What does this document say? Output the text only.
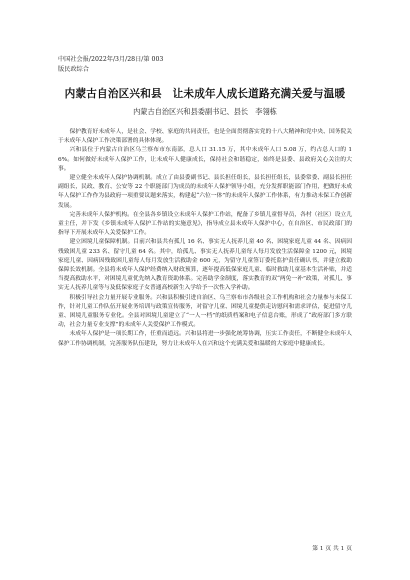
中国社会报/2022年/3月/28日/第 003
版民政综合
内蒙古自治区兴和县　让未成年人成长道路充满关爱与温暖
内蒙古自治区兴和县委副书记、县长　李翎栋

保护教育好未成年人，是社会、学校、家庭的共同责任，也是全面贯彻落实党的十八大精神和党中央、国务院关于未成年人保护工作决策部署的具体体现。

兴和县位于内蒙古自治区乌兰察布市东南部，总人口 31.15 万，其中未成年人口 5.08 万，约占总人口的 16%。如何做好未成年人保护工作，让未成年人健康成长，保持社会和谐稳定，始终是县委、县政府关心关注的大事。

建立健全未成年人保护协调机制。成立了由县委副书记、县长担任组长，县长担任组长，县委常委、副县长担任副组长，民政、教育、公安等 22 个职能部门为成员的未成年人保护领导小组，充分发挥职能部门作用，把做好未成年人保护工作作为县政府一项重要议题来落实，构建起“六位一体”的未成年人保护工作体系，有力推动未保工作创新发展。

完善未成年人保护机构。在全县各乡镇设立未成年人保护工作站，配备了乡镇儿童督导员，各村（社区）设立儿童主任，并下发《乡镇未成年人保护工作站的实施意见》，指导成立县未成年人保护中心，在自治区、市民政部门的指导下开展未成年人关爱保护工作。

建立困境儿童保障机制。目前兴和县共有孤儿 16 名、事实无人抚养儿童 40 名、困境家庭儿童 44 名、因病因残致困儿童 233 名、留守儿童 64 名。其中，给孤儿、事实无人抚养儿童每人每月发放生活保障金 1200 元，困境家庭儿童、因病因残致困儿童每人每月发放生活救助金 600 元，为留守儿童签订委托监护责任确认书，并建立救助保障长效机制。全县将未成年人保护经费纳入财政预算，逐年提高低保家庭儿童、临时救助儿童基本生活补贴，并适当提高救助水平，对困境儿童优先纳入教育资助体系。完善助学金制度，落实教育的双“两免一补”政策，对孤儿、事实无人抚养儿童等与及低保家庭子女普通高校新生入学给予一次性入学补助。

积极引导社会力量开展专业服务。兴和县积极引进自治区、乌兰察布市各级社会工作机构和社会力量参与未保工作，针对儿童工作队伍开展业务培训与政策宣传服务，对留守儿童、困境儿童提供走访慰问和需求评估，促进留守儿童、困境儿童服务专业化。全县对困境儿童建立了“一人一档”的纸质档案和电子信息台账，形成了“政府部门多方联动，社会力量专业支撑”的未成年人关爱保护工作模式。

未成年人保护是一项长期工作，任重而道远。兴和县将进一步强化统筹协调，压实工作责任，不断健全未成年人保护工作协调机制，完善服务队伍建设，努力让未成年人在兴和这个充满关爱和温暖的大家庭中健康成长。

第 1 页 共 1 页
